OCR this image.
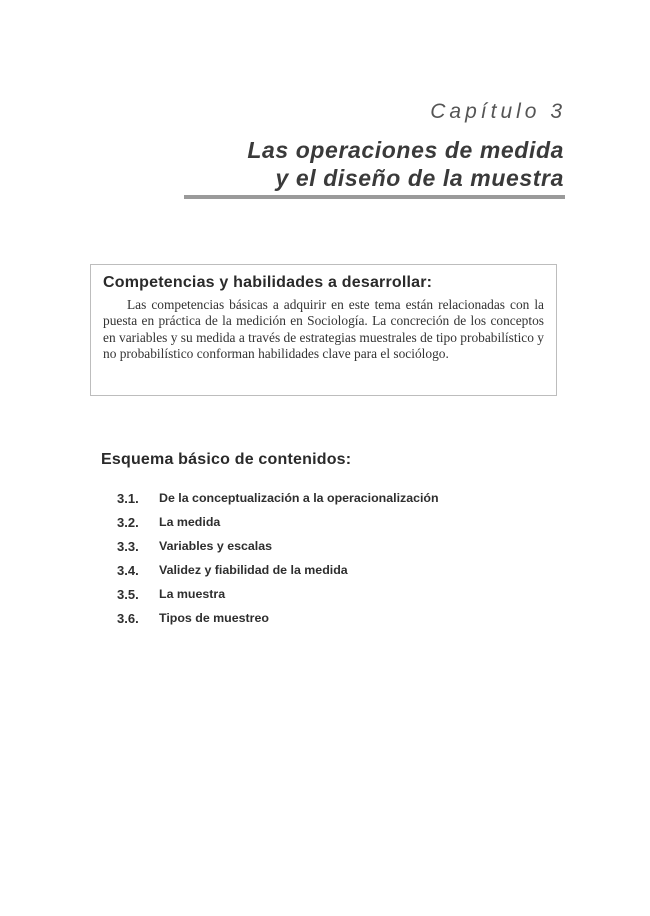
Capítulo 3
Las operaciones de medida
y el diseño de la muestra
Competencias y habilidades a desarrollar:

Las competencias básicas a adquirir en este tema están relacionadas con la puesta en práctica de la medición en Sociología. La concreción de los conceptos en variables y su medida a través de estrategias muestrales de tipo probabilístico y no probabilístico conforman habilidades clave para el sociólogo.

Esquema básico de contenidos:
3.1.	De la conceptualización a la operacionalización
3.2.	La medida
3.3.	Variables y escalas
3.4.	Validez y fiabilidad de la medida
3.5.	La muestra
3.6.	Tipos de muestreo
